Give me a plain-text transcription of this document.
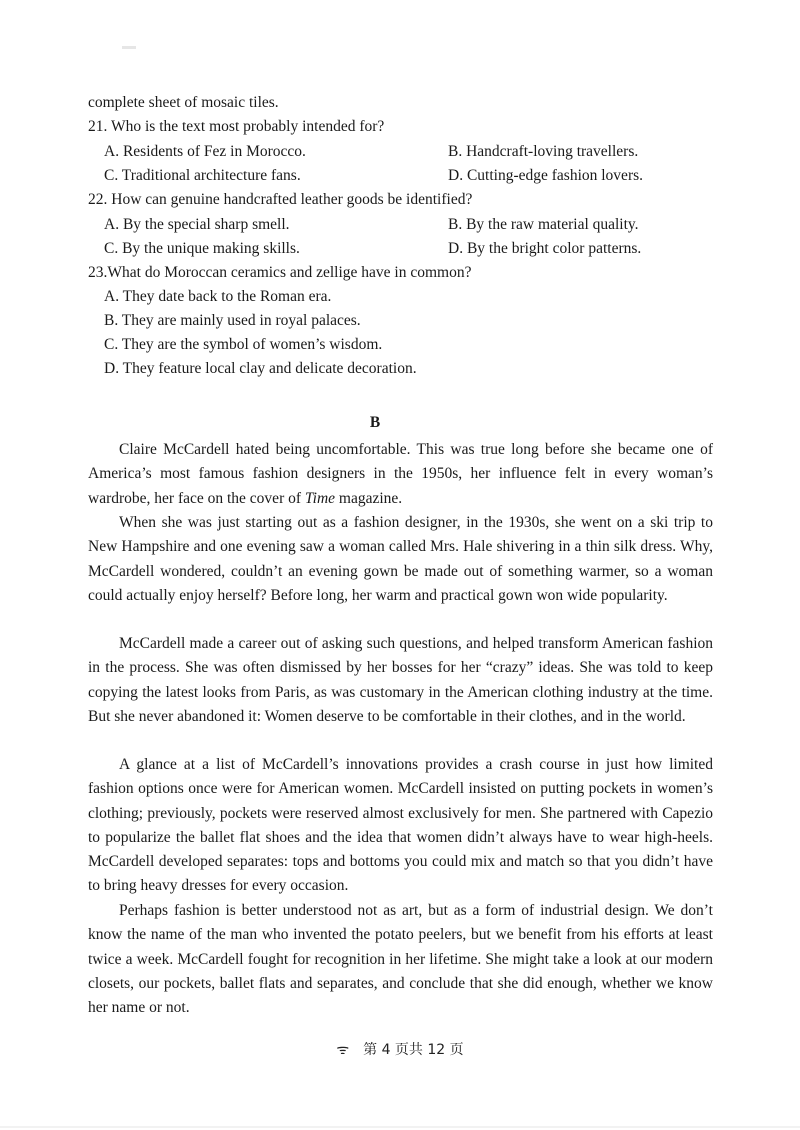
complete sheet of mosaic tiles.
21. Who is the text most probably intended for?
A. Residents of Fez in Morocco.	B. Handcraft-loving travellers.
C. Traditional architecture fans.	D. Cutting-edge fashion lovers.
22. How can genuine handcrafted leather goods be identified?
A. By the special sharp smell.	B. By the raw material quality.
C. By the unique making skills.	D. By the bright color patterns.
23.What do Moroccan ceramics and zellige have in common?
A. They date back to the Roman era.
B. They are mainly used in royal palaces.
C. They are the symbol of women’s wisdom.
D. They feature local clay and delicate decoration.
B
Claire McCardell hated being uncomfortable. This was true long before she became one of America’s most famous fashion designers in the 1950s, her influence felt in every woman’s wardrobe, her face on the cover of Time magazine.
When she was just starting out as a fashion designer, in the 1930s, she went on a ski trip to New Hampshire and one evening saw a woman called Mrs. Hale shivering in a thin silk dress. Why, McCardell wondered, couldn’t an evening gown be made out of something warmer, so a woman could actually enjoy herself? Before long, her warm and practical gown won wide popularity.
McCardell made a career out of asking such questions, and helped transform American fashion in the process. She was often dismissed by her bosses for her “crazy” ideas. She was told to keep copying the latest looks from Paris, as was customary in the American clothing industry at the time. But she never abandoned it: Women deserve to be comfortable in their clothes, and in the world.
A glance at a list of McCardell’s innovations provides a crash course in just how limited fashion options once were for American women. McCardell insisted on putting pockets in women’s clothing; previously, pockets were reserved almost exclusively for men. She partnered with Capezio to popularize the ballet flat shoes and the idea that women didn’t always have to wear high-heels. McCardell developed separates: tops and bottoms you could mix and match so that you didn’t have to bring heavy dresses for every occasion.
Perhaps fashion is better understood not as art, but as a form of industrial design. We don’t know the name of the man who invented the potato peelers, but we benefit from his efforts at least twice a week. McCardell fought for recognition in her lifetime. She might take a look at our modern closets, our pockets, ballet flats and separates, and conclude that she did enough, whether we know her name or not.
ᯤ 第 4 页共 12 页
